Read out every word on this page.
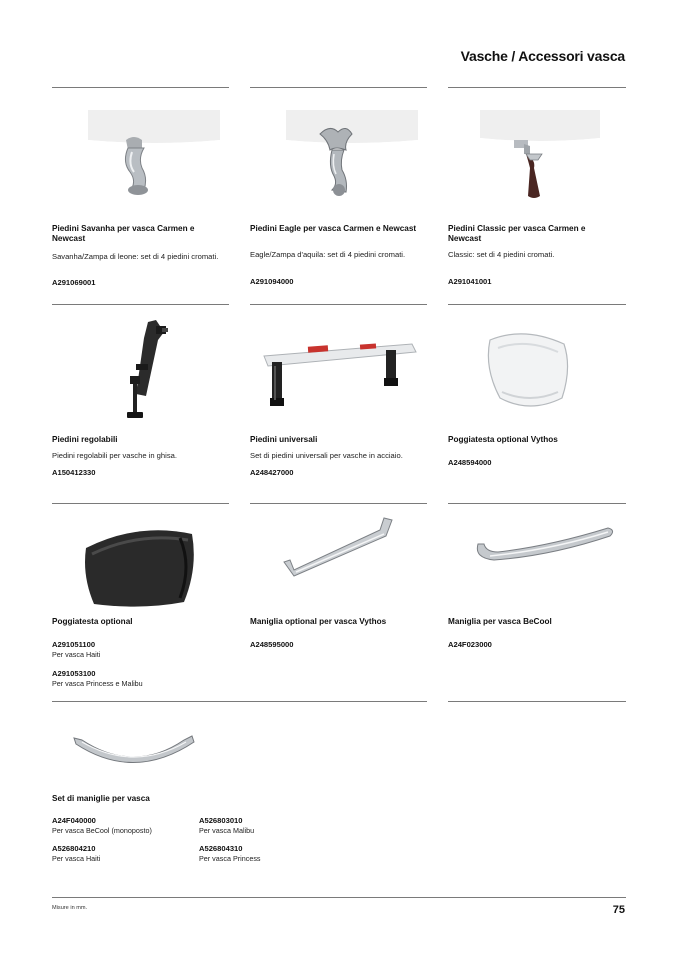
Vasche / Accessori vasca
Piedini Savanha per vasca Carmen e Newcast
Savanha/Zampa di leone: set di 4 piedini cromati.
A291069001
Piedini Eagle per vasca Carmen e Newcast
Eagle/Zampa d'aquila: set di 4 piedini cromati.
A291094000
Piedini Classic per vasca Carmen e Newcast
Classic: set di 4 piedini cromati.
A291041001
Piedini regolabili
Piedini regolabili per vasche in ghisa.
A150412330
Piedini universali
Set di piedini universali per vasche in acciaio.
A248427000
Poggiatesta optional Vythos
A248594000
Poggiatesta optional
A291051100
Per vasca Haiti
A291053100
Per vasca Princess e Malibu
Maniglia optional per vasca Vythos
A248595000
Maniglia per vasca BeCool
A24F023000
Set di maniglie per vasca
A24F040000
Per vasca BeCool (monoposto)
A526803010
Per vasca Malibu
A526804210
Per vasca Haiti
A526804310
Per vasca Princess
Misure in mm.	75
